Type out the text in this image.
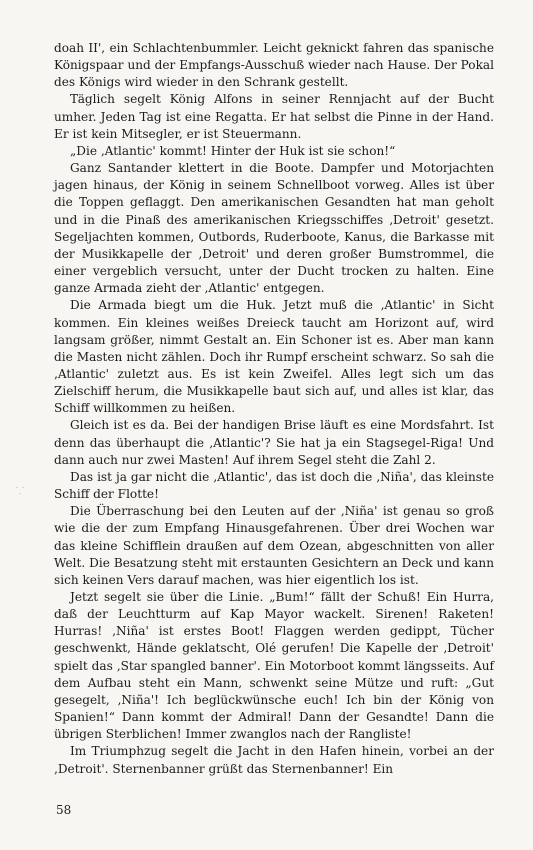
⸪

doah II', ein Schlachtenbummler. Leicht geknickt fahren das spanische Königspaar und der Empfangs-Ausschuß wieder nach Hause. Der Pokal des Königs wird wieder in den Schrank gestellt.

Täglich segelt König Alfons in seiner Rennjacht auf der Bucht umher. Jeden Tag ist eine Regatta. Er hat selbst die Pinne in der Hand. Er ist kein Mitsegler, er ist Steuermann.

„Die ‚Atlantic' kommt! Hinter der Huk ist sie schon!“

Ganz Santander klettert in die Boote. Dampfer und Motorjachten jagen hinaus, der König in seinem Schnellboot vorweg. Alles ist über die Toppen geflaggt. Den amerikanischen Gesandten hat man geholt und in die Pinaß des amerikanischen Kriegsschiffes ‚Detroit' gesetzt. Segeljachten kommen, Outbords, Ruderboote, Kanus, die Barkasse mit der Musikkapelle der ‚Detroit' und deren großer Bumstrommel, die einer vergeblich versucht, unter der Ducht trocken zu halten. Eine ganze Armada zieht der ‚Atlantic' entgegen.

Die Armada biegt um die Huk. Jetzt muß die ‚Atlantic' in Sicht kommen. Ein kleines weißes Dreieck taucht am Horizont auf, wird langsam größer, nimmt Gestalt an. Ein Schoner ist es. Aber man kann die Masten nicht zählen. Doch ihr Rumpf erscheint schwarz. So sah die ‚Atlantic' zuletzt aus. Es ist kein Zweifel. Alles legt sich um das Zielschiff herum, die Musikkapelle baut sich auf, und alles ist klar, das Schiff willkommen zu heißen.

Gleich ist es da. Bei der handigen Brise läuft es eine Mordsfahrt. Ist denn das überhaupt die ‚Atlantic'? Sie hat ja ein Stagsegel-Riga! Und dann auch nur zwei Masten! Auf ihrem Segel steht die Zahl 2.

Das ist ja gar nicht die ‚Atlantic', das ist doch die ‚Niña', das kleinste Schiff der Flotte!

Die Überraschung bei den Leuten auf der ‚Niña' ist genau so groß wie die der zum Empfang Hinausgefahrenen. Über drei Wochen war das kleine Schifflein draußen auf dem Ozean, abgeschnitten von aller Welt. Die Besatzung steht mit erstaunten Gesichtern an Deck und kann sich keinen Vers darauf machen, was hier eigentlich los ist.

Jetzt segelt sie über die Linie. „Bum!“ fällt der Schuß! Ein Hurra, daß der Leuchtturm auf Kap Mayor wackelt. Sirenen! Raketen! Hurras! ‚Niña' ist erstes Boot! Flaggen werden gedippt, Tücher geschwenkt, Hände geklatscht, Olé gerufen! Die Kapelle der ‚Detroit' spielt das ‚Star spangled banner'. Ein Motorboot kommt längsseits. Auf dem Aufbau steht ein Mann, schwenkt seine Mütze und ruft: „Gut gesegelt, ‚Niña'! Ich beglückwünsche euch! Ich bin der König von Spanien!“ Dann kommt der Admiral! Dann der Gesandte! Dann die übrigen Sterblichen! Immer zwanglos nach der Rangliste!

Im Triumphzug segelt die Jacht in den Hafen hinein, vorbei an der ‚Detroit'. Sternenbanner grüßt das Sternenbanner! Ein

58
